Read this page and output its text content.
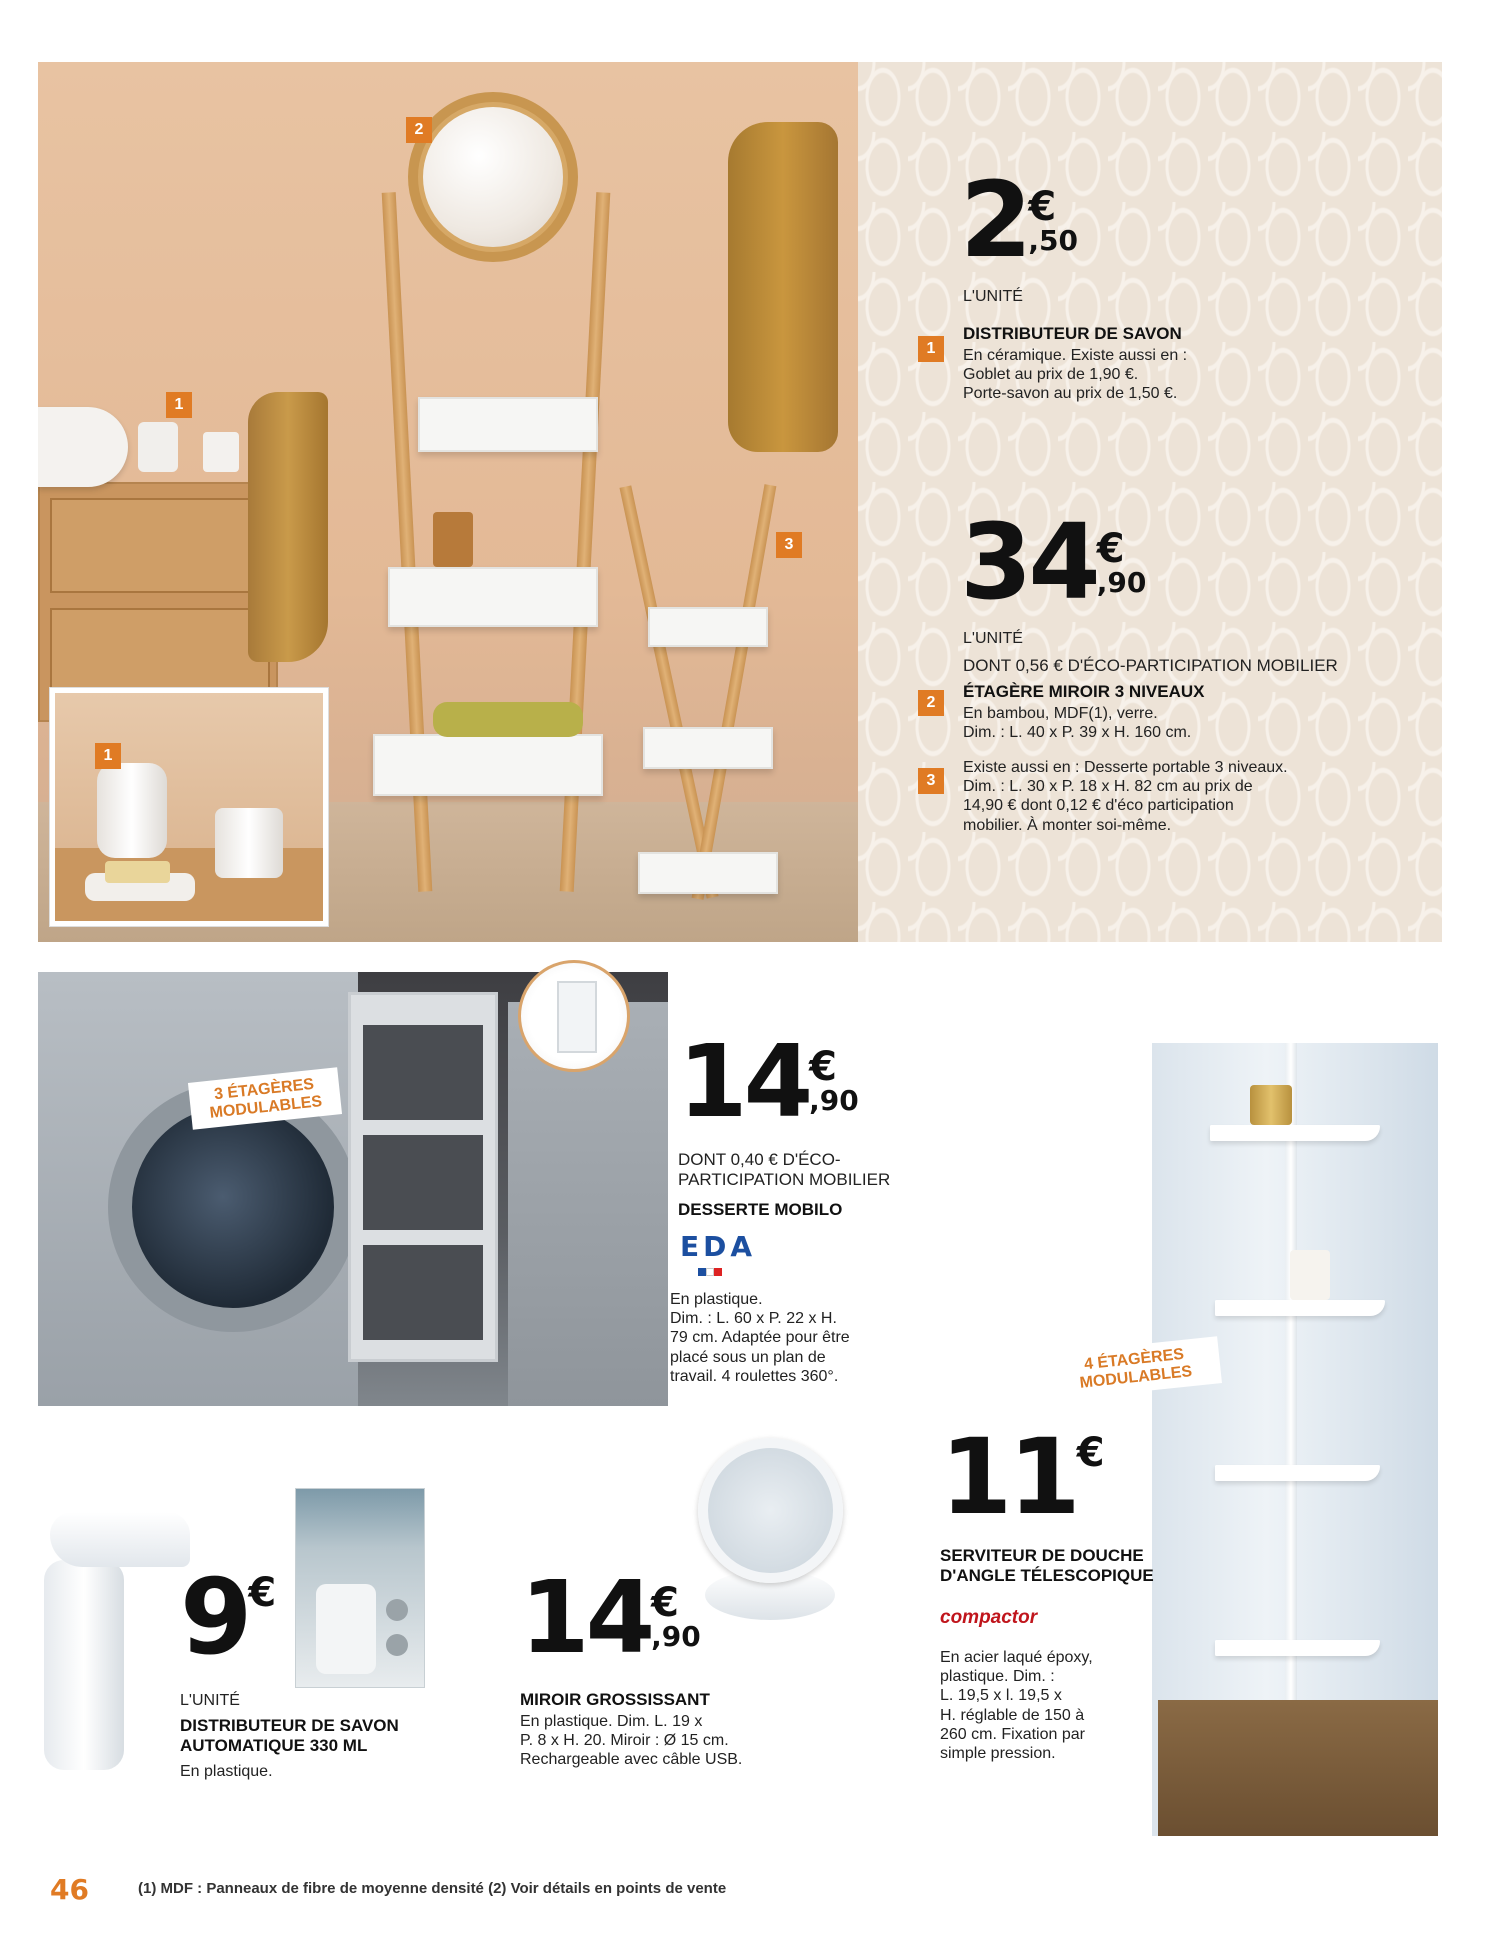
2
1
3
1
2€
,50
L'UNITÉ
1
DISTRIBUTEUR DE SAVON
En céramique. Existe aussi en :
Goblet au prix de 1,90 €.
Porte-savon au prix de 1,50 €.
34€
,90
L'UNITÉ
DONT 0,56 € D'ÉCO-PARTICIPATION MOBILIER
2
ÉTAGÈRE MIROIR 3 NIVEAUX
En bambou, MDF(1), verre.
Dim. : L. 40 x P. 39 x H. 160 cm.
3
Existe aussi en : Desserte portable 3 niveaux.
Dim. : L. 30 x P. 18 x H. 82 cm au prix de
14,90 € dont 0,12 € d'éco participation
mobilier. À monter soi-même.
3 ÉTAGÈRES MODULABLES	14€
,90
DONT 0,40 € D'ÉCO-
PARTICIPATION MOBILIER
DESSERTE MOBILO
EDA
En plastique.
Dim. : L. 60 x P. 22 x H.
79 cm. Adaptée pour être
placé sous un plan de
travail. 4 roulettes 360°.
4 ÉTAGÈRES MODULABLES
11€
SERVITEUR DE DOUCHE
D'ANGLE TÉLESCOPIQUE
compactor
En acier laqué époxy,
plastique. Dim. :
L. 19,5 x l. 19,5 x
H. réglable de 150 à
260 cm. Fixation par
simple pression.
9€
L'UNITÉ
DISTRIBUTEUR DE SAVON
AUTOMATIQUE 330 ML
En plastique.
14€
,90
MIROIR GROSSISSANT
En plastique. Dim. L. 19 x
P. 8 x H. 20. Miroir : Ø 15 cm.
Rechargeable avec câble USB.
46	(1) MDF : Panneaux de fibre de moyenne densité (2) Voir détails en points de vente
